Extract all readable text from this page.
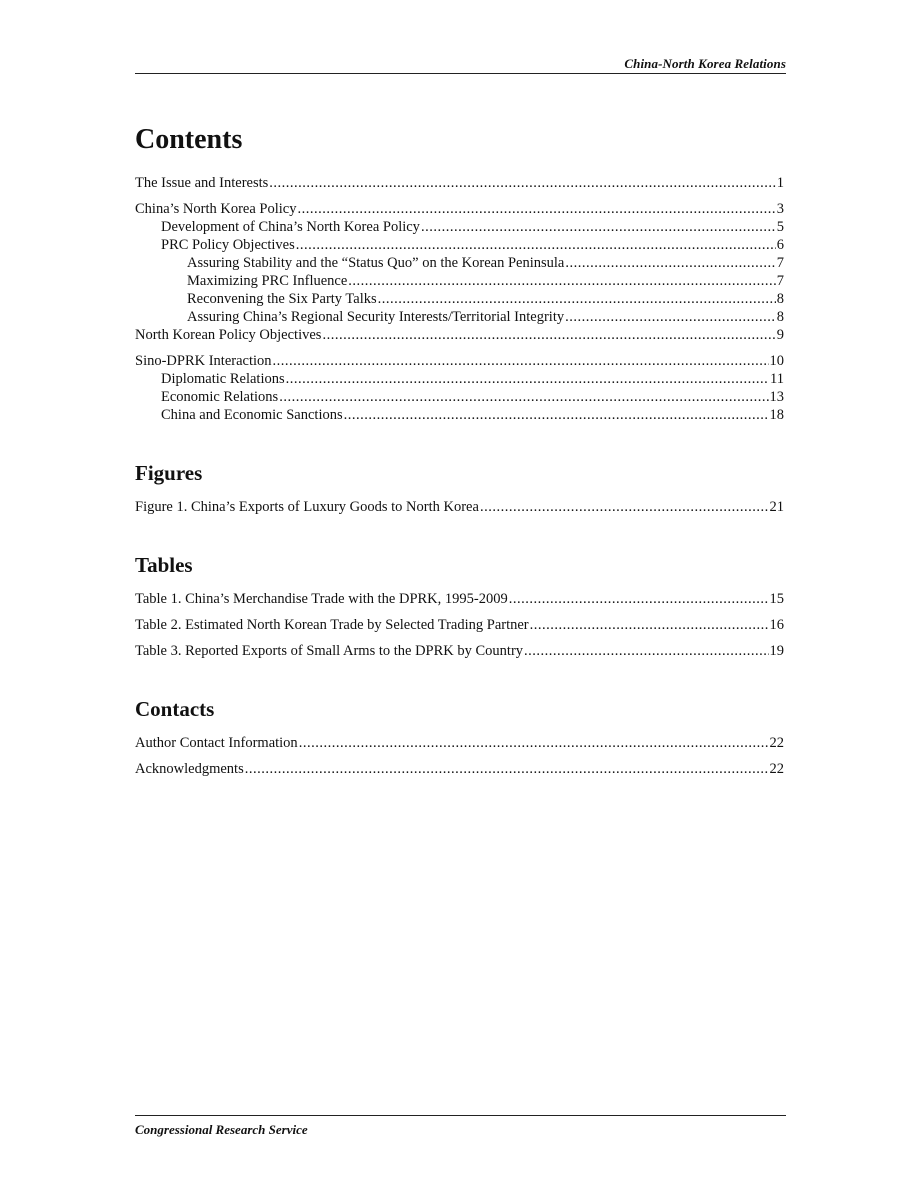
China-North Korea Relations
Contents
The Issue and Interests .....	1
China’s North Korea Policy .....	3
Development of China’s North Korea Policy .....	5
PRC Policy Objectives .....	6
Assuring Stability and the “Status Quo” on the Korean Peninsula .....	7
Maximizing PRC Influence .....	7
Reconvening the Six Party Talks .....	8
Assuring China’s Regional Security Interests/Territorial Integrity .....	8
North Korean Policy Objectives .....	9
Sino-DPRK Interaction .....	10
Diplomatic Relations .....	11
Economic Relations .....	13
China and Economic Sanctions .....	18
Figures
Figure 1. China’s Exports of Luxury Goods to North Korea .....	21
Tables
Table 1. China’s Merchandise Trade with the DPRK, 1995-2009 .....	15
Table 2. Estimated North Korean Trade by Selected Trading Partner .....	16
Table 3. Reported Exports of Small Arms to the DPRK by Country .....	19
Contacts
Author Contact Information .....	22
Acknowledgments .....	22
Congressional Research Service
